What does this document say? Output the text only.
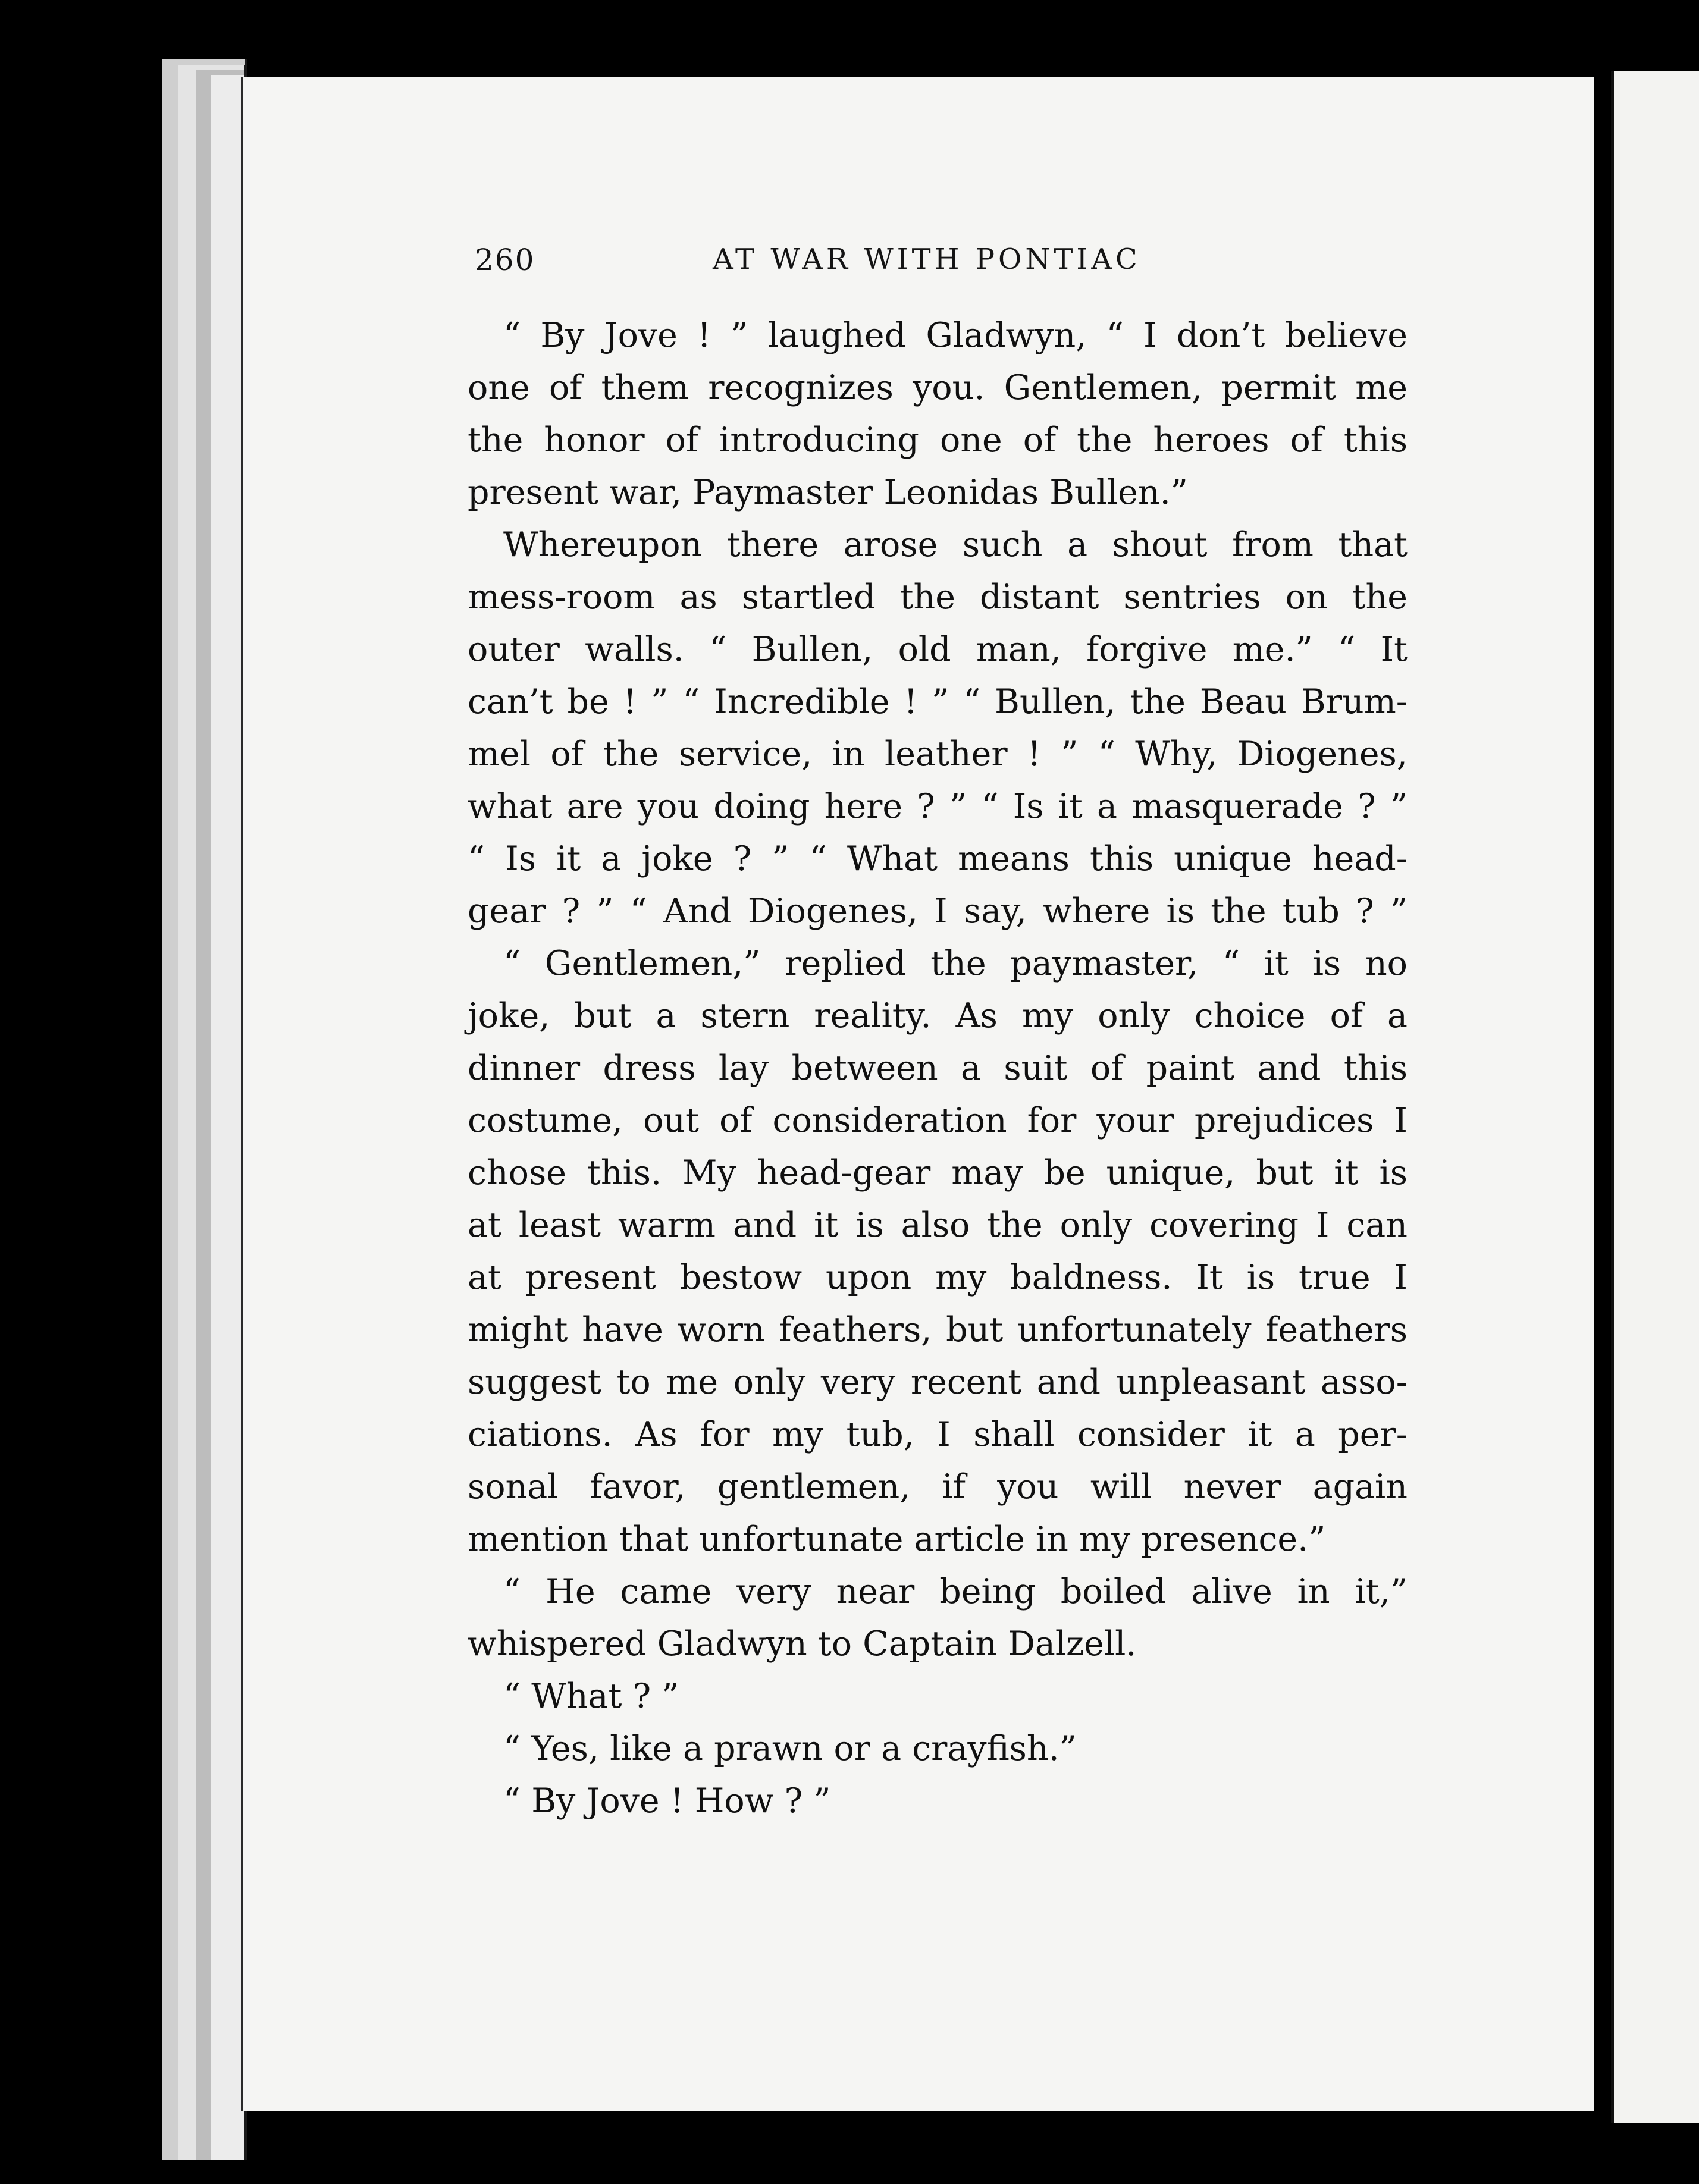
260	AT WAR WITH PONTIAC
“ By Jove ! ” laughed Gladwyn, “ I don’t believe
one of them recognizes you. Gentlemen, permit me
the honor of introducing one of the heroes of this
present war, Paymaster Leonidas Bullen.”
Whereupon there arose such a shout from that
mess-room as startled the distant sentries on the
outer walls. “ Bullen, old man, forgive me.” “ It
can’t be ! ” “ Incredible ! ” “ Bullen, the Beau Brum-
mel of the service, in leather ! ” “ Why, Diogenes,
what are you doing here ? ” “ Is it a masquerade ? ”
“ Is it a joke ? ” “ What means this unique head-
gear ? ” “ And Diogenes, I say, where is the tub ? ”
“ Gentlemen,” replied the paymaster, “ it is no
joke, but a stern reality. As my only choice of a
dinner dress lay between a suit of paint and this
costume, out of consideration for your prejudices I
chose this. My head-gear may be unique, but it is
at least warm and it is also the only covering I can
at present bestow upon my baldness. It is true I
might have worn feathers, but unfortunately feathers
suggest to me only very recent and unpleasant asso-
ciations. As for my tub, I shall consider it a per-
sonal favor, gentlemen, if you will never again
mention that unfortunate article in my presence.”
“ He came very near being boiled alive in it,”
whispered Gladwyn to Captain Dalzell.
“ What ? ”
“ Yes, like a prawn or a crayfish.”
“ By Jove ! How ? ”
